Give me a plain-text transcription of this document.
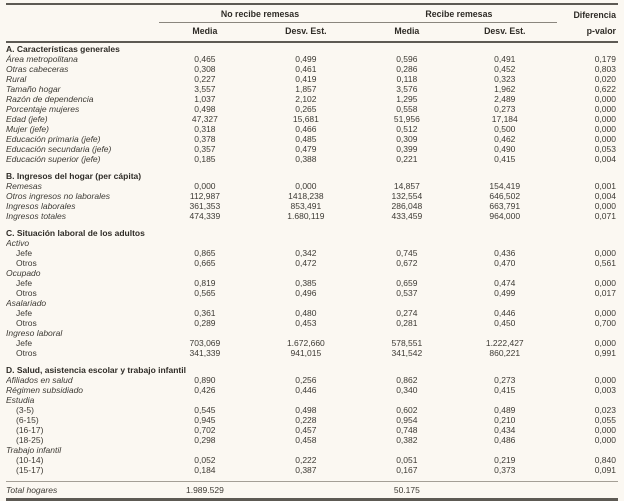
	No recibe remesas		Recibe remesas		Diferencia
	Media	Desv. Est.	Media	Desv. Est.	p-valor
A. Características generales					
Área metropolitana	0,465	0,499	0,596	0,491	0,179
Otras cabeceras	0,308	0,461	0,286	0,452	0,803
Rural	0,227	0,419	0,118	0,323	0,020
Tamaño hogar	3,557	1,857	3,576	1,962	0,622
Razón de dependencia	1,037	2,102	1,295	2,489	0,000
Porcentaje mujeres	0,498	0,265	0,558	0,273	0,000
Edad (jefe)	47,327	15,681	51,956	17,184	0,000
Mujer (jefe)	0,318	0,466	0,512	0,500	0,000
Educación primaria (jefe)	0,378	0,485	0,309	0,462	0,000
Educación secundaria (jefe)	0,357	0,479	0,399	0,490	0,053
Educación superior (jefe)	0,185	0,388	0,221	0,415	0,004

B. Ingresos del hogar (per cápita)					
Remesas	0,000	0,000	14,857	154,419	0,001
Otros ingresos no laborales	112,987	1418,238	132,554	646,502	0,004
Ingresos laborales	361,353	853,491	286,048	663,791	0,000
Ingresos totales	474,339	1.680,119	433,459	964,000	0,071

C. Situación laboral de los adultos					
Activo					
Jefe	0,865	0,342	0,745	0,436	0,000
Otros	0,665	0,472	0,672	0,470	0,561
Ocupado					
Jefe	0,819	0,385	0,659	0,474	0,000
Otros	0,565	0,496	0,537	0,499	0,017
Asalariado					
Jefe	0,361	0,480	0,274	0,446	0,000
Otros	0,289	0,453	0,281	0,450	0,700
Ingreso laboral					
Jefe	703,069	1.672,660	578,551	1.222,427	0,000
Otros	341,339	941,015	341,542	860,221	0,991

D. Salud, asistencia escolar y trabajo infantil					
Afiliados en salud	0,890	0,256	0,862	0,273	0,000
Régimen subsidiado	0,426	0,446	0,340	0,415	0,003
Estudia					
(3-5)	0,545	0,498	0,602	0,489	0,023
(6-15)	0,945	0,228	0,954	0,210	0,055
(16-17)	0,702	0,457	0,748	0,434	0,000
(18-25)	0,298	0,458	0,382	0,486	0,000
Trabajo infantil					
(10-14)	0,052	0,222	0,051	0,219	0,840
(15-17)	0,184	0,387	0,167	0,373	0,091

Total hogares	1.989.529		50.175		
